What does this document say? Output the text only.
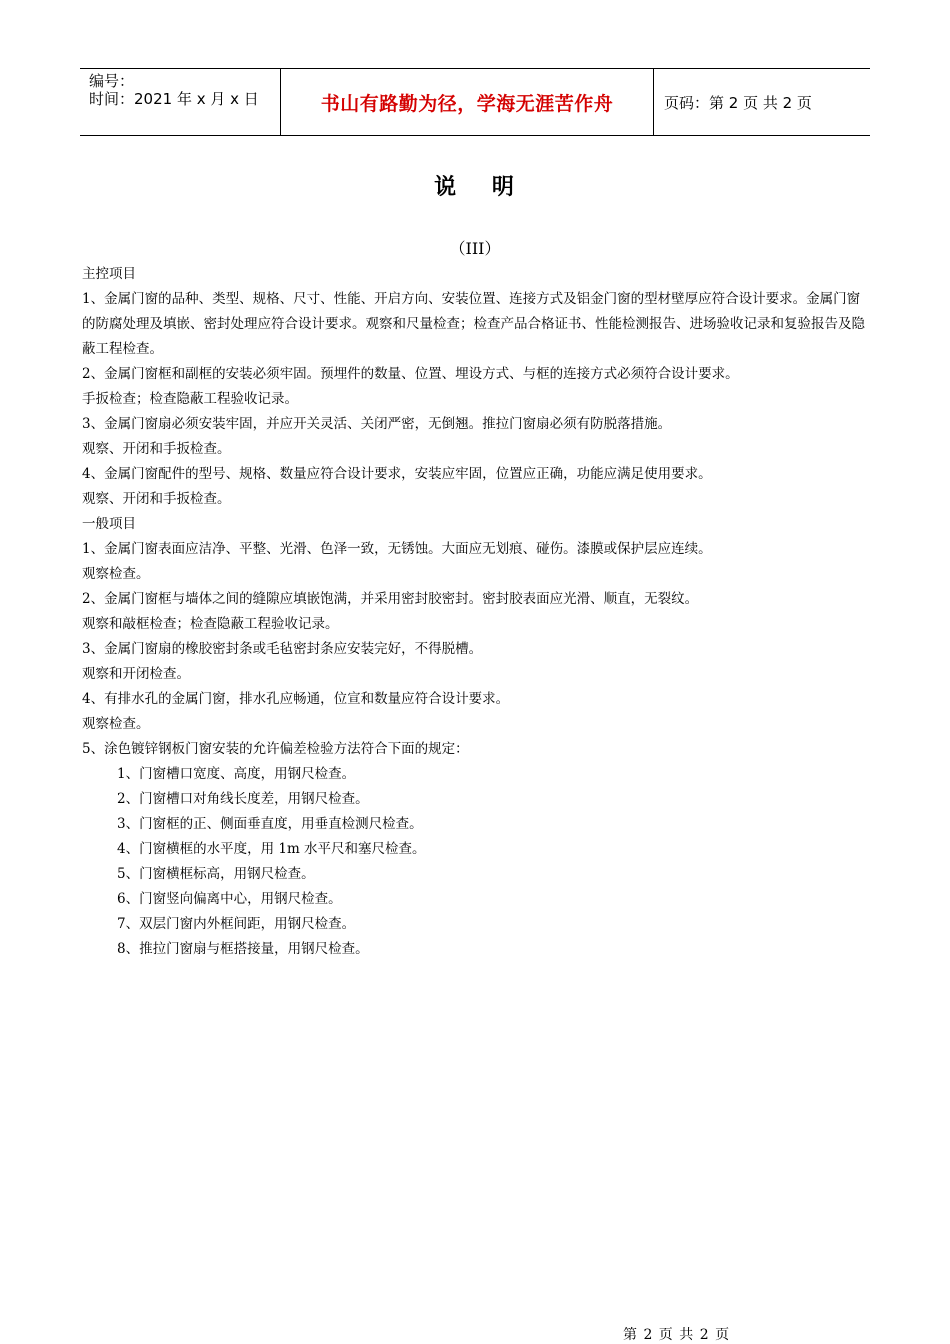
编号：
时间：2021 年 x 月 x 日	书山有路勤为径，学海无涯苦作舟	页码：第 2 页 共 2 页
说 明
（III）

主控项目

1、金属门窗的品种、类型、规格、尺寸、性能、开启方向、安装位置、连接方式及铝金门窗的型材壁厚应符合设计要求。金属门窗的防腐处理及填嵌、密封处理应符合设计要求。观察和尺量检查；检查产品合格证书、性能检测报告、进场验收记录和复验报告及隐蔽工程检查。

2、金属门窗框和副框的安装必须牢固。预埋件的数量、位置、埋设方式、与框的连接方式必须符合设计要求。

手扳检查；检查隐蔽工程验收记录。

3、金属门窗扇必须安装牢固，并应开关灵活、关闭严密，无倒翘。推拉门窗扇必须有防脱落措施。

观察、开闭和手扳检查。

4、金属门窗配件的型号、规格、数量应符合设计要求，安装应牢固，位置应正确，功能应满足使用要求。

观察、开闭和手扳检查。

一般项目

1、金属门窗表面应洁净、平整、光滑、色泽一致，无锈蚀。大面应无划痕、碰伤。漆膜或保护层应连续。

观察检查。

2、金属门窗框与墙体之间的缝隙应填嵌饱满，并采用密封胶密封。密封胶表面应光滑、顺直，无裂纹。

观察和敲框检查；检查隐蔽工程验收记录。

3、金属门窗扇的橡胶密封条或毛毡密封条应安装完好，不得脱槽。

观察和开闭检查。

4、有排水孔的金属门窗，排水孔应畅通，位宣和数量应符合设计要求。

观察检查。

5、涂色镀锌钢板门窗安装的允许偏差检验方法符合下面的规定：

1、门窗槽口宽度、高度，用钢尺检查。

2、门窗槽口对角线长度差，用钢尺检查。

3、门窗框的正、侧面垂直度，用垂直检测尺检查。

4、门窗横框的水平度，用 1m 水平尺和塞尺检查。

5、门窗横框标高，用钢尺检查。

6、门窗竖向偏离中心，用钢尺检查。

7、双层门窗内外框间距，用钢尺检查。

8、推拉门窗扇与框搭接量，用钢尺检查。

第 2 页 共 2 页
